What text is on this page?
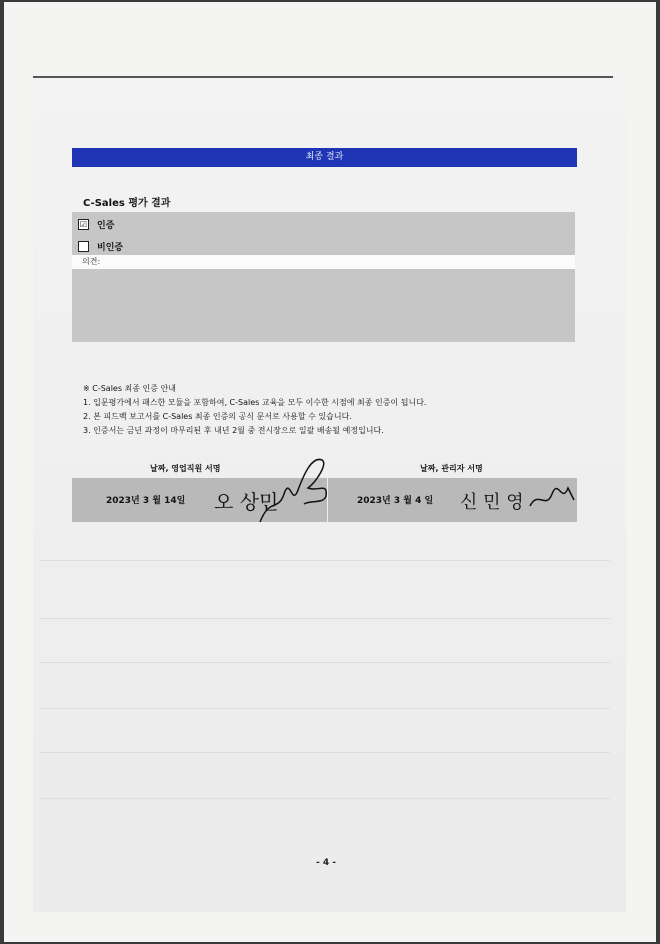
최종 결과
C-Sales 평가 결과
☑ 인증
비인증
의견:
※ C-Sales 최종 인증 안내
1. 입문평가에서 패스한 모듈을 포함하여, C-Sales 교육을 모두 이수한 시점에 최종 인증이 됩니다.
2. 본 피드백 보고서를 C-Sales 최종 인증의 공식 문서로 사용할 수 있습니다.
3. 인증서는 금년 과정이 마무리된 후 내년 2월 중 전시장으로 일괄 배송될 예정입니다.
날짜, 영업직원 서명	날짜, 관리자 서명
2023년 3 월 14일 오 상민	2023년 3 월 4 일 신 민 영
- 4 -
